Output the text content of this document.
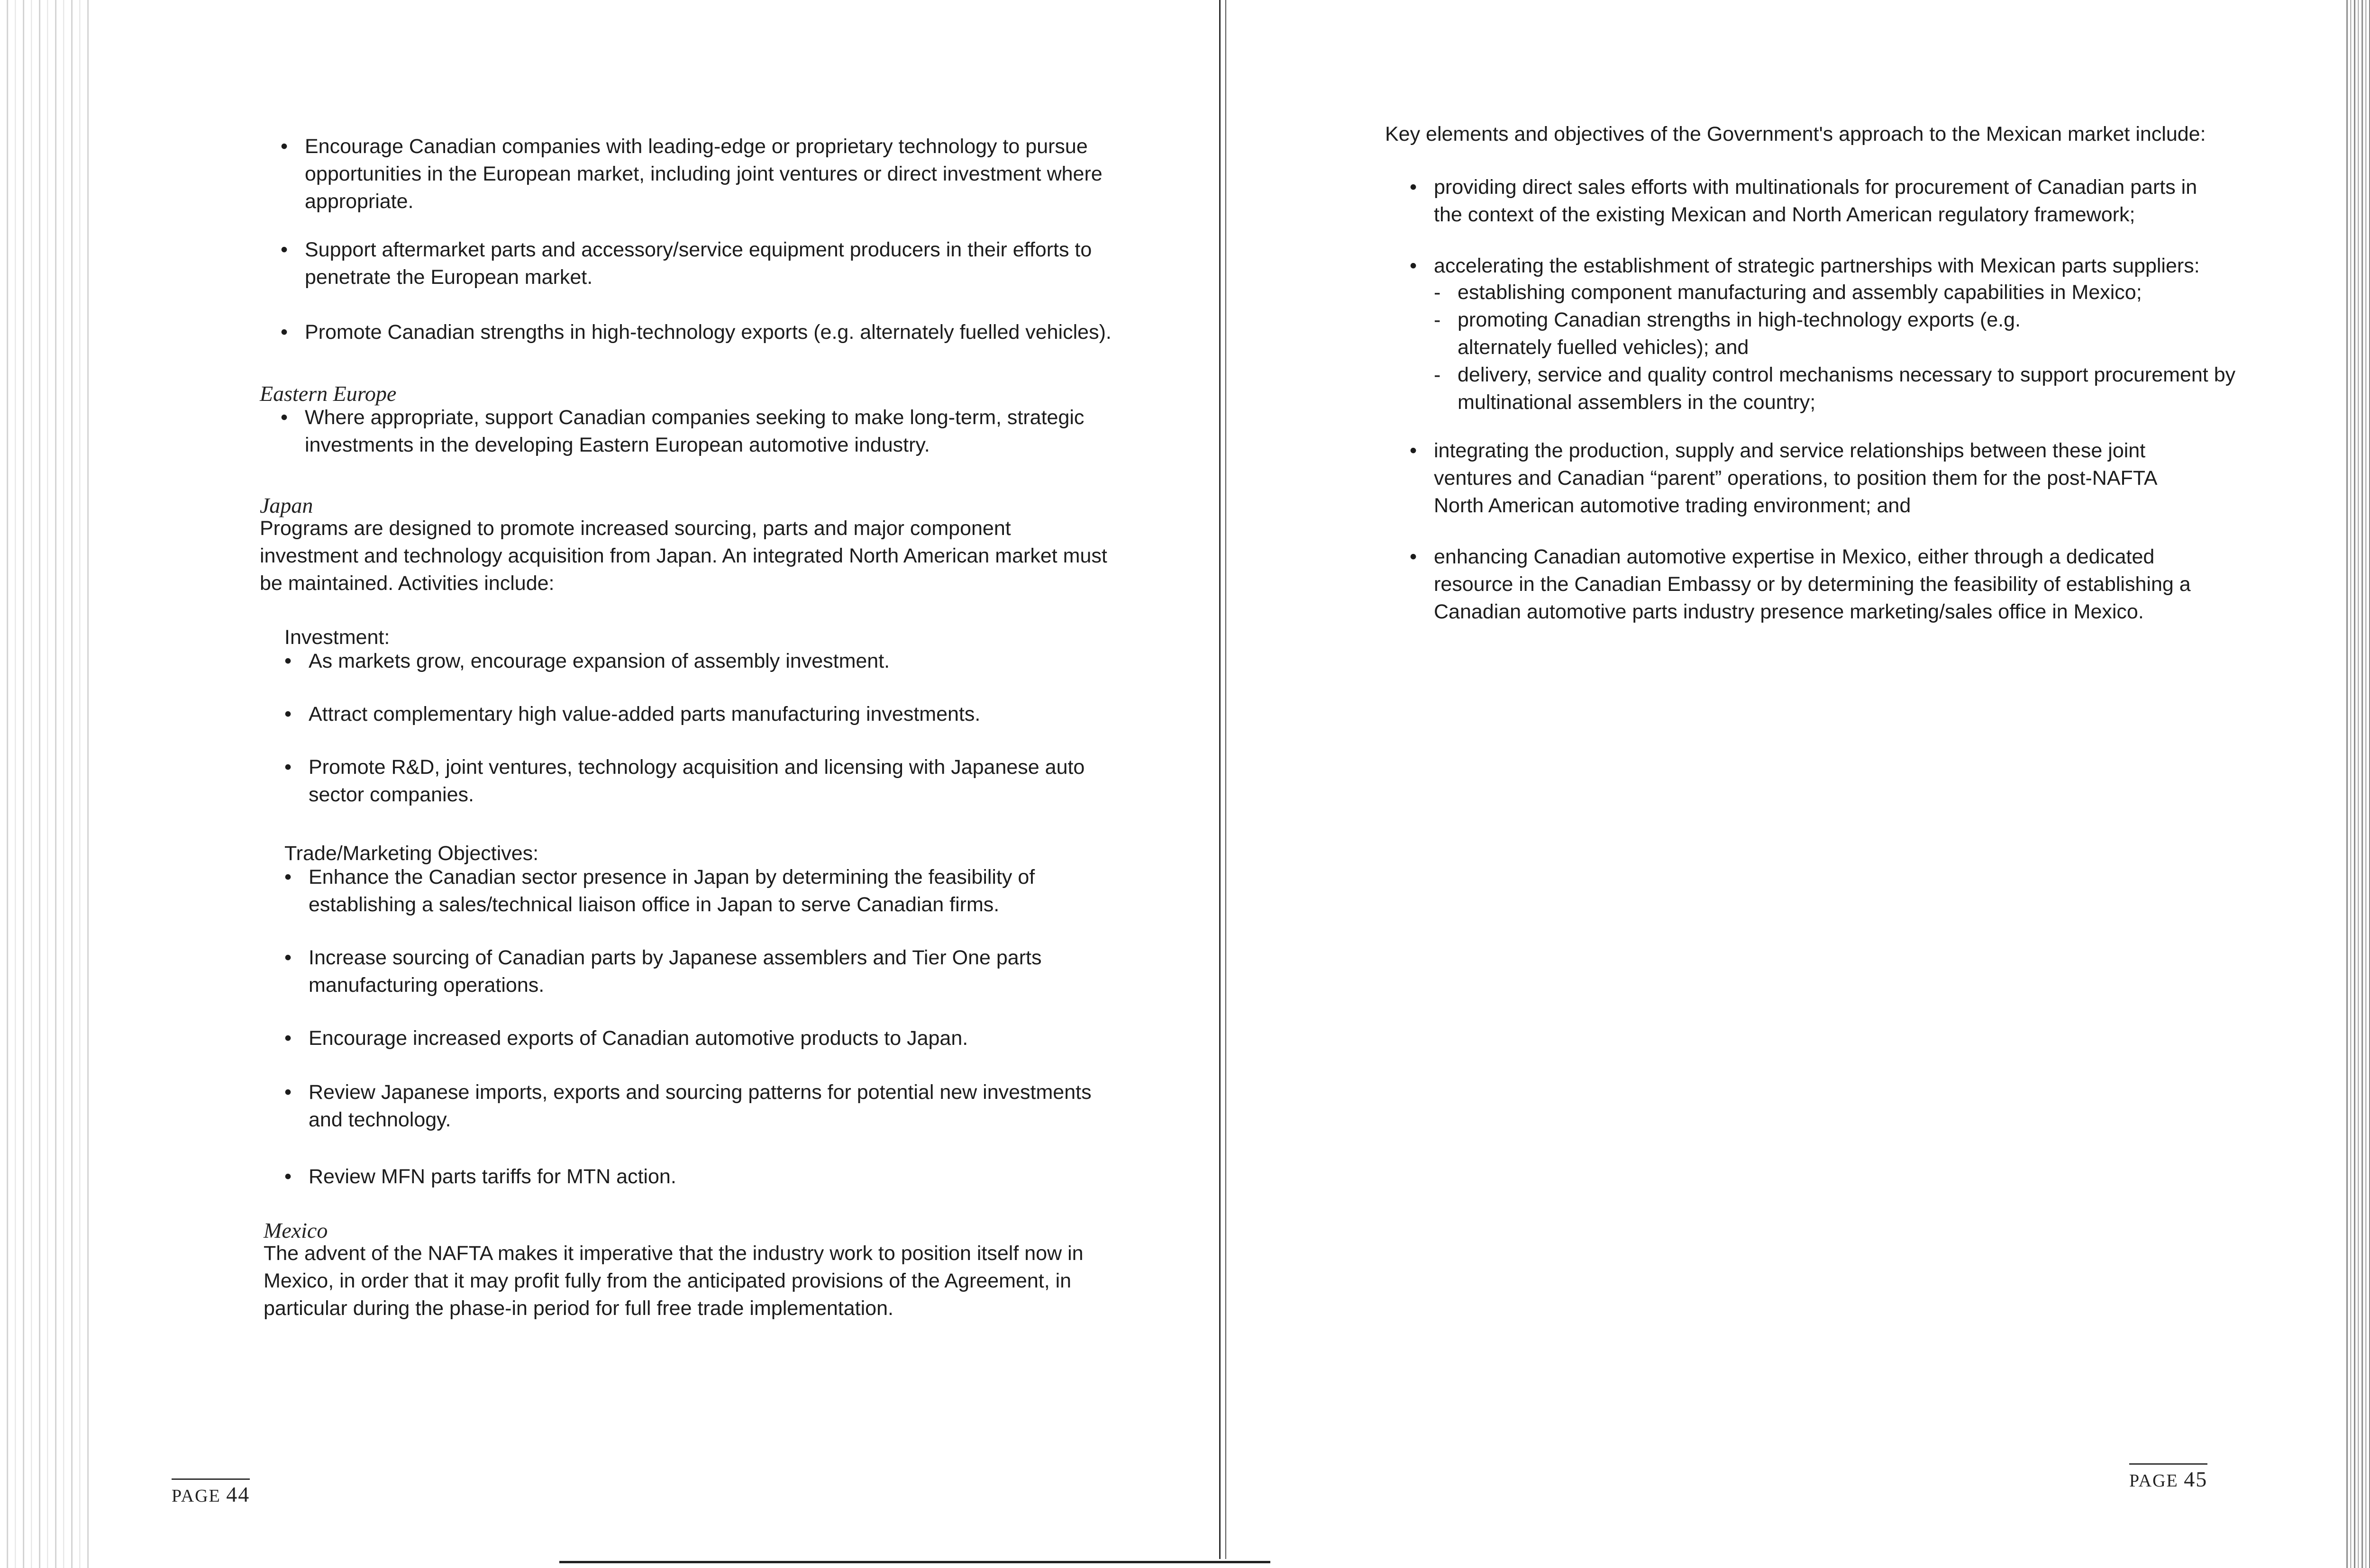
• Encourage Canadian companies with leading-edge or proprietary technology to pursue opportunities in the European market, including joint ventures or direct investment where appropriate.
• Support aftermarket parts and accessory/service equipment producers in their efforts to penetrate the European market.
• Promote Canadian strengths in high-technology exports (e.g. alternately fuelled vehicles).
Eastern Europe
• Where appropriate, support Canadian companies seeking to make long-term, strategic investments in the developing Eastern European automotive industry.
Japan
Programs are designed to promote increased sourcing, parts and major component investment and technology acquisition from Japan. An integrated North American market must be maintained. Activities include:
Investment:
• As markets grow, encourage expansion of assembly investment.
• Attract complementary high value-added parts manufacturing investments.
• Promote R&D, joint ventures, technology acquisition and licensing with Japanese auto sector companies.
Trade/Marketing Objectives:
• Enhance the Canadian sector presence in Japan by determining the feasibility of establishing a sales/technical liaison office in Japan to serve Canadian firms.
• Increase sourcing of Canadian parts by Japanese assemblers and Tier One parts manufacturing operations.
• Encourage increased exports of Canadian automotive products to Japan.
• Review Japanese imports, exports and sourcing patterns for potential new investments and technology.
• Review MFN parts tariffs for MTN action.
Mexico
The advent of the NAFTA makes it imperative that the industry work to position itself now in Mexico, in order that it may profit fully from the anticipated provisions of the Agreement, in particular during the phase-in period for full free trade implementation.
PAGE 44
Key elements and objectives of the Government's approach to the Mexican market include:
• providing direct sales efforts with multinationals for procurement of Canadian parts in the context of the existing Mexican and North American regulatory framework;
• accelerating the establishment of strategic partnerships with Mexican parts suppliers:
- establishing component manufacturing and assembly capabilities in Mexico;
- promoting Canadian strengths in high-technology exports (e.g. alternately fuelled vehicles); and
- delivery, service and quality control mechanisms necessary to support procurement by multinational assemblers in the country;
• integrating the production, supply and service relationships between these joint ventures and Canadian “parent” operations, to position them for the post-NAFTA North American automotive trading environment; and
• enhancing Canadian automotive expertise in Mexico, either through a dedicated resource in the Canadian Embassy or by determining the feasibility of establishing a Canadian automotive parts industry presence marketing/sales office in Mexico.
PAGE 45
